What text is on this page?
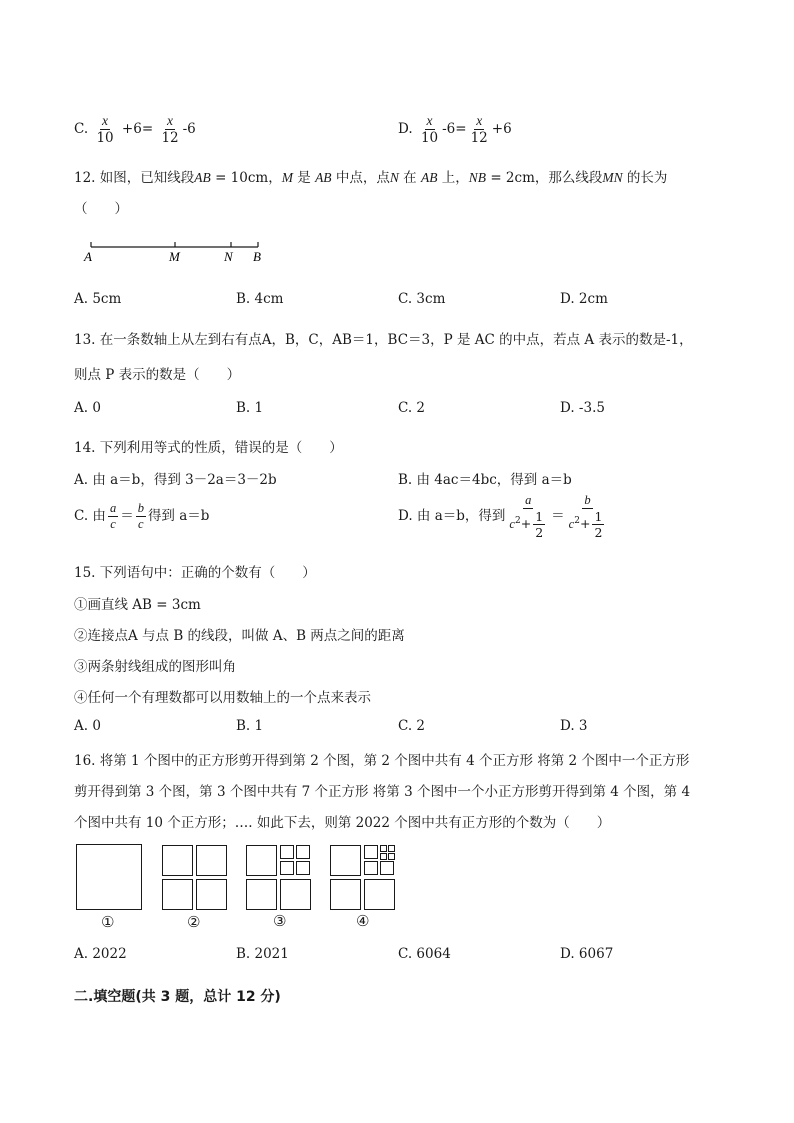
C. $\frac{x}{10} +6= \frac{x}{12} -6$	D. $\frac{x}{10} -6= \frac{x}{12} +6$
12. 如图，已知线段AB = 10cm，M 是 AB 中点，点N 在 AB 上，NB = 2cm，那么线段MN 的长为
（　　）
A	M	N B
A. 5cm	B. 4cm	C. 3cm	D. 2cm
13. 在一条数轴上从左到右有点A，B，C，AB＝1，BC＝3，P 是 AC 的中点，若点 A 表示的数是-1，
则点 P 表示的数是（　　）
A. 0	B. 1	C. 2	D. -3.5
14. 下列利用等式的性质，错误的是（　　）
A. 由 a＝b，得到 3－2a＝3－2b	B. 由 4ac＝4bc，得到 a＝b
C. 由 $\frac{a}{c} = \frac{b}{c}$ 得到 a＝b	D. 由 a＝b，得到 $\frac{a}{c^2+ \frac{1}{2}} = \frac{b}{c^2+ \frac{1}{2}}$
15. 下列语句中：正确的个数有（　　）
①画直线 AB = 3cm
②连接点A 与点 B 的线段，叫做 A、B 两点之间的距离
③两条射线组成的图形叫角
④任何一个有理数都可以用数轴上的一个点来表示
A. 0	B. 1	C. 2	D. 3
16. 将第 1 个图中的正方形剪开得到第 2 个图，第 2 个图中共有 4 个正方形 将第 2 个图中一个正方形
剪开得到第 3 个图，第 3 个图中共有 7 个正方形 将第 3 个图中一个小正方形剪开得到第 4 个图，第 4
个图中共有 10 个正方形；…. 如此下去，则第 2022 个图中共有正方形的个数为（　　）
①	②	③	④
A. 2022	B. 2021	C. 6064	D. 6067
二.填空题(共 3 题，总计 12 分)
